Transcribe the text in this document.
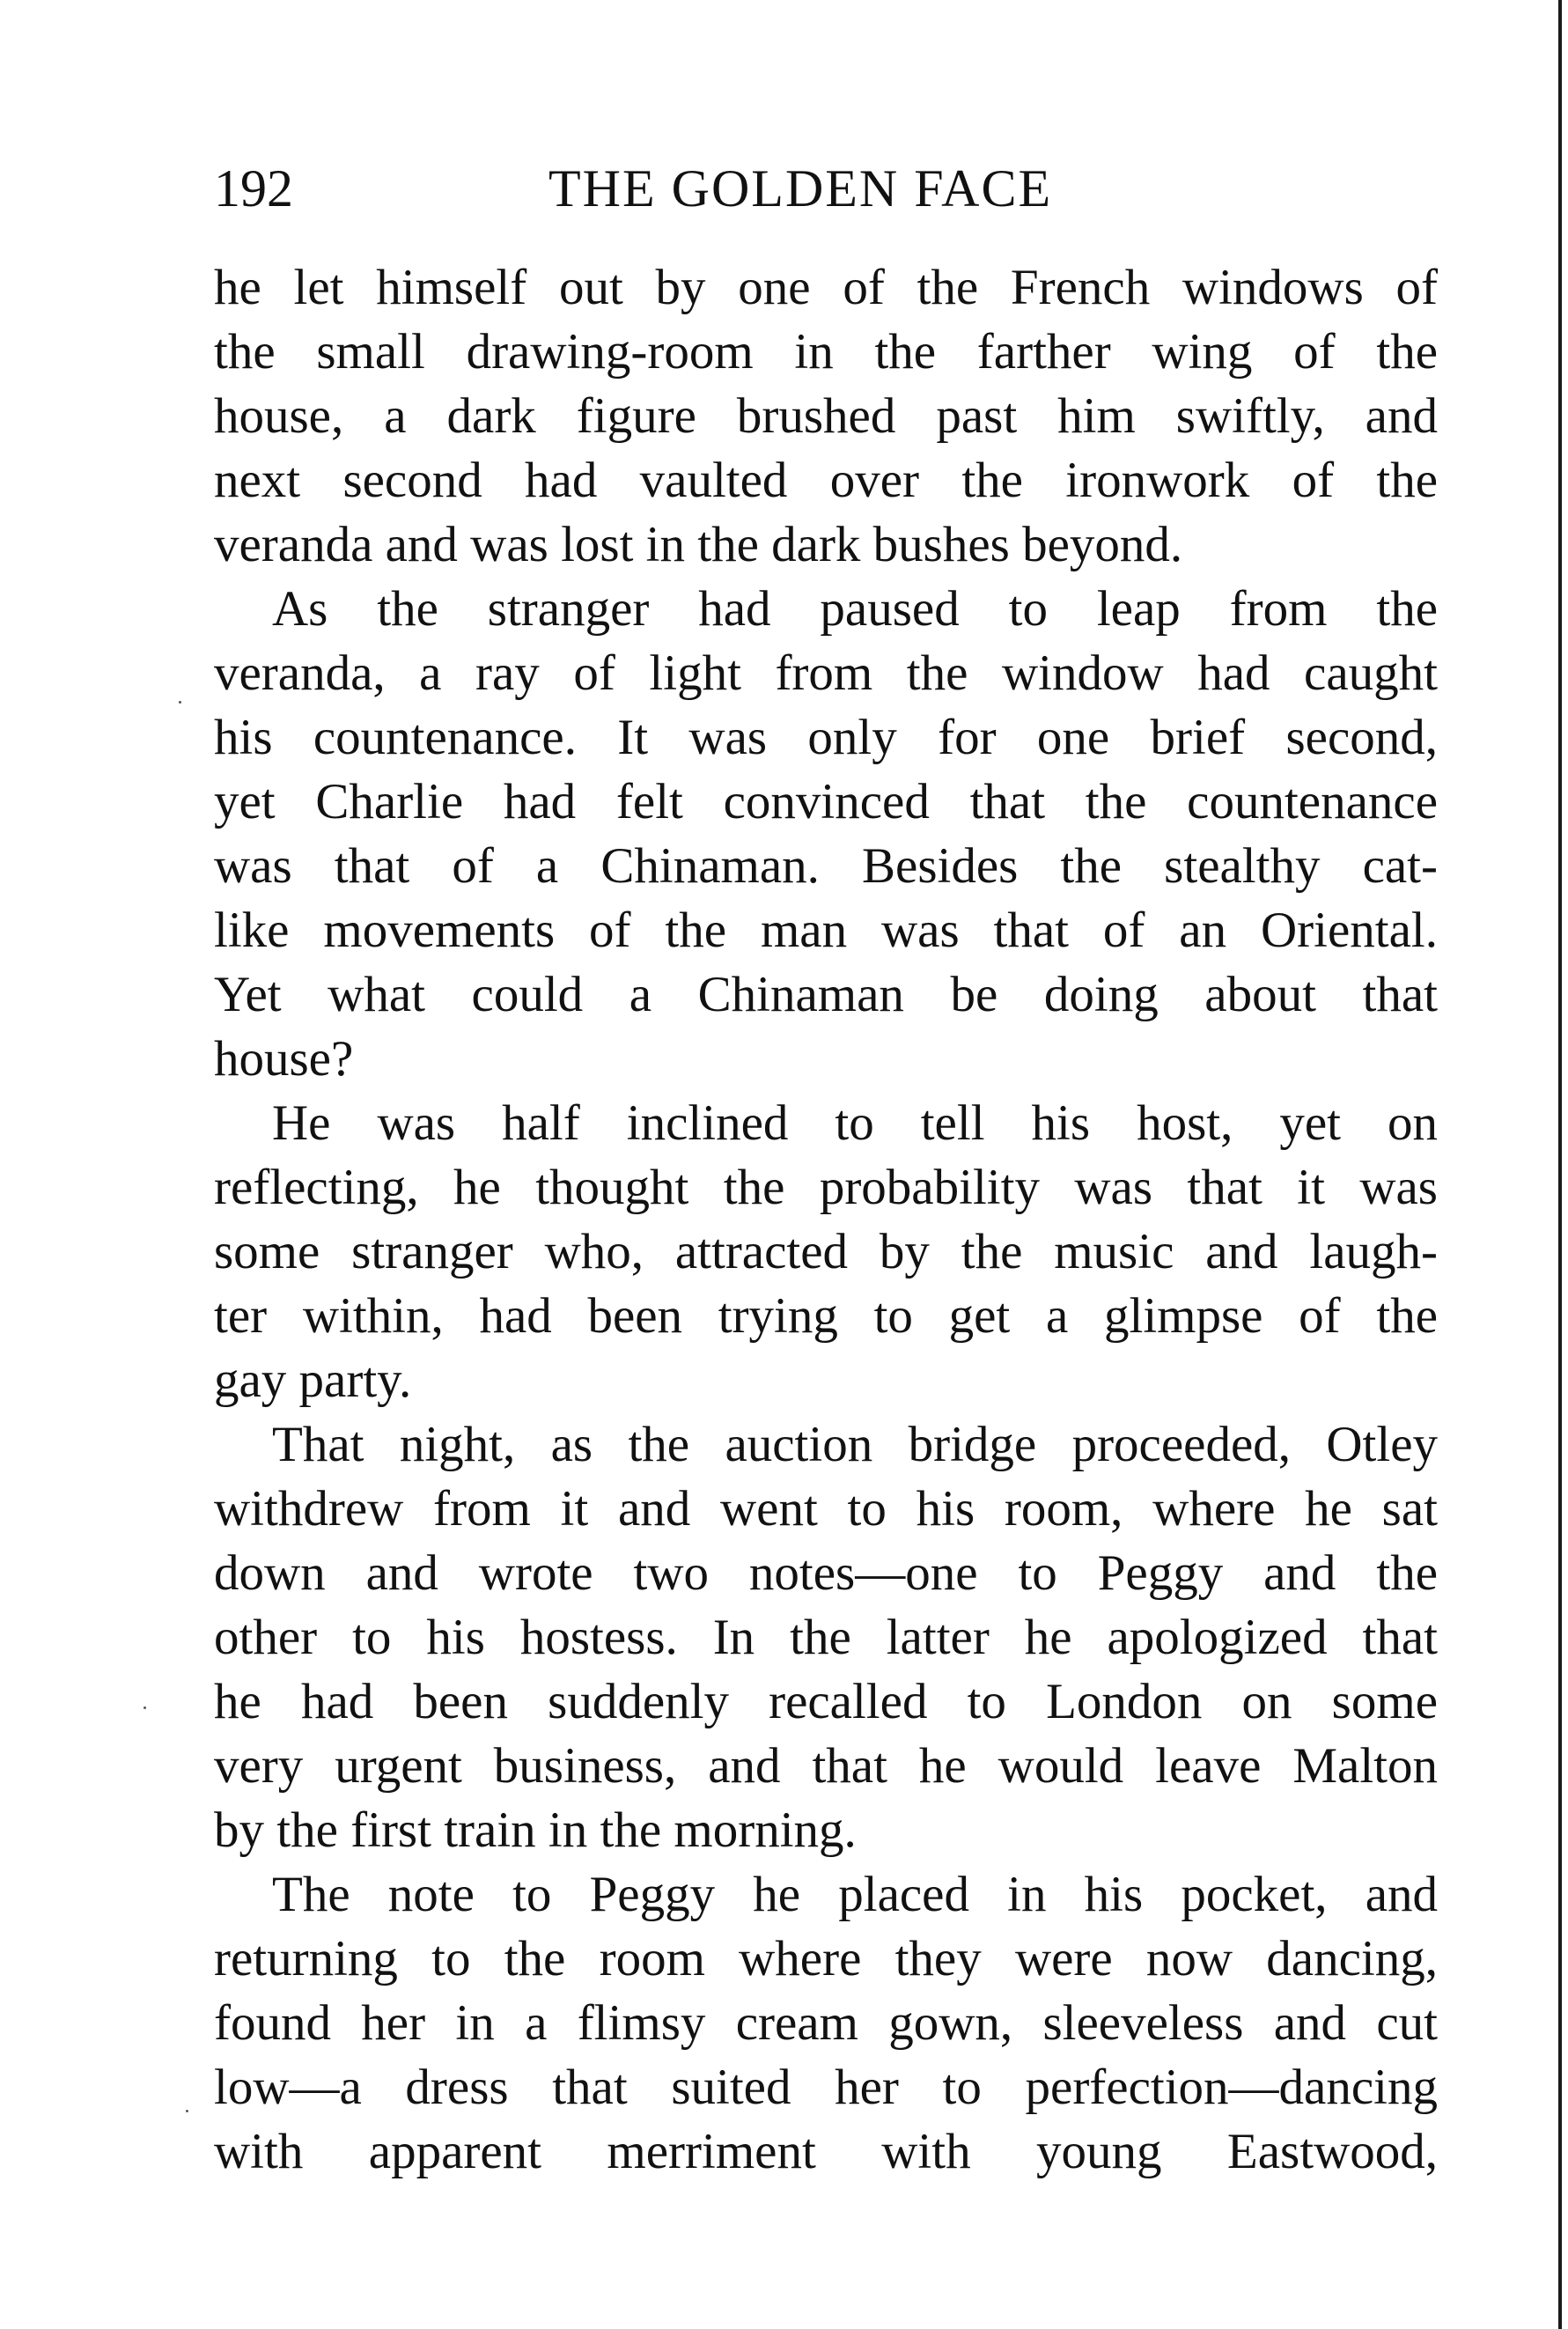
192	THE GOLDEN FACE
he let himself out by one of the French windows of
the small drawing-room in the farther wing of the
house, a dark figure brushed past him swiftly, and
next second had vaulted over the ironwork of the
veranda and was lost in the dark bushes beyond.
As the stranger had paused to leap from the
veranda, a ray of light from the window had caught
his countenance. It was only for one brief second,
yet Charlie had felt convinced that the countenance
was that of a Chinaman. Besides the stealthy cat-
like movements of the man was that of an Oriental.
Yet what could a Chinaman be doing about that
house?
He was half inclined to tell his host, yet on
reflecting, he thought the probability was that it was
some stranger who, attracted by the music and laugh-
ter within, had been trying to get a glimpse of the
gay party.
That night, as the auction bridge proceeded, Otley
withdrew from it and went to his room, where he sat
down and wrote two notes—one to Peggy and the
other to his hostess. In the latter he apologized that
he had been suddenly recalled to London on some
very urgent business, and that he would leave Malton
by the first train in the morning.
The note to Peggy he placed in his pocket, and
returning to the room where they were now dancing,
found her in a flimsy cream gown, sleeveless and cut
low—a dress that suited her to perfection—dancing
with apparent merriment with young Eastwood,
